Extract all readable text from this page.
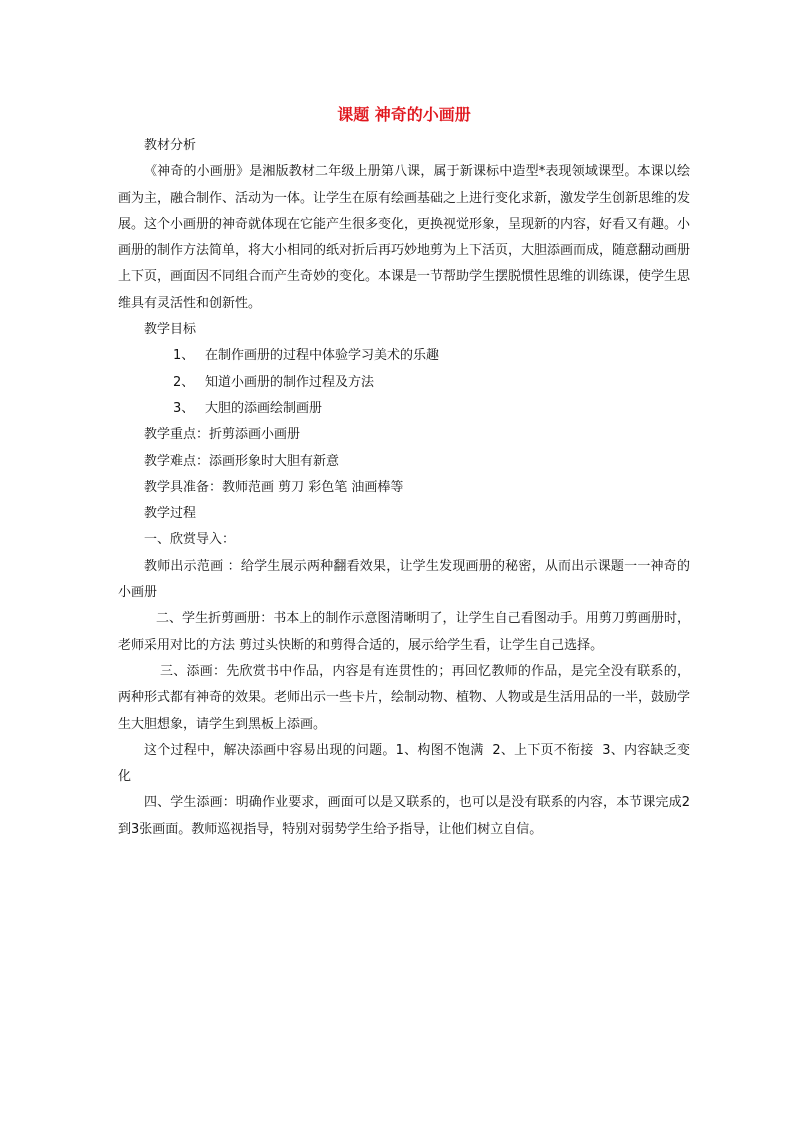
课题 神奇的小画册

教材分析

《神奇的小画册》是湘版教材二年级上册第八课，属于新课标中造型*表现领域课型。本课以绘画为主，融合制作、活动为一体。让学生在原有绘画基础之上进行变化求新，激发学生创新思维的发展。这个小画册的神奇就体现在它能产生很多变化，更换视觉形象，呈现新的内容，好看又有趣。小画册的制作方法简单，将大小相同的纸对折后再巧妙地剪为上下活页，大胆添画而成，随意翻动画册上下页，画面因不同组合而产生奇妙的变化。本课是一节帮助学生摆脱惯性思维的训练课，使学生思维具有灵活性和创新性。

教学目标

1、 在制作画册的过程中体验学习美术的乐趣

2、 知道小画册的制作过程及方法

3、 大胆的添画绘制画册

教学重点：折剪添画小画册

教学难点：添画形象时大胆有新意

教学具准备：教师范画 剪刀 彩色笔 油画棒等

教学过程

一、欣赏导入：

教师出示范画 ：给学生展示两种翻看效果，让学生发现画册的秘密，从而出示课题一一神奇的小画册

二、学生折剪画册：书本上的制作示意图清晰明了，让学生自己看图动手。用剪刀剪画册时，老师采用对比的方法 剪过头快断的和剪得合适的，展示给学生看，让学生自己选择。

三、添画：先欣赏书中作品，内容是有连贯性的；再回忆教师的作品，是完全没有联系的，两种形式都有神奇的效果。老师出示一些卡片，绘制动物、植物、人物或是生活用品的一半，鼓励学生大胆想象，请学生到黑板上添画。

这个过程中，解决添画中容易出现的问题。1、构图不饱满  2、上下页不衔接  3、内容缺乏变化

四、学生添画：明确作业要求，画面可以是又联系的，也可以是没有联系的内容，本节课完成2到3张画面。教师巡视指导，特别对弱势学生给予指导，让他们树立自信。
